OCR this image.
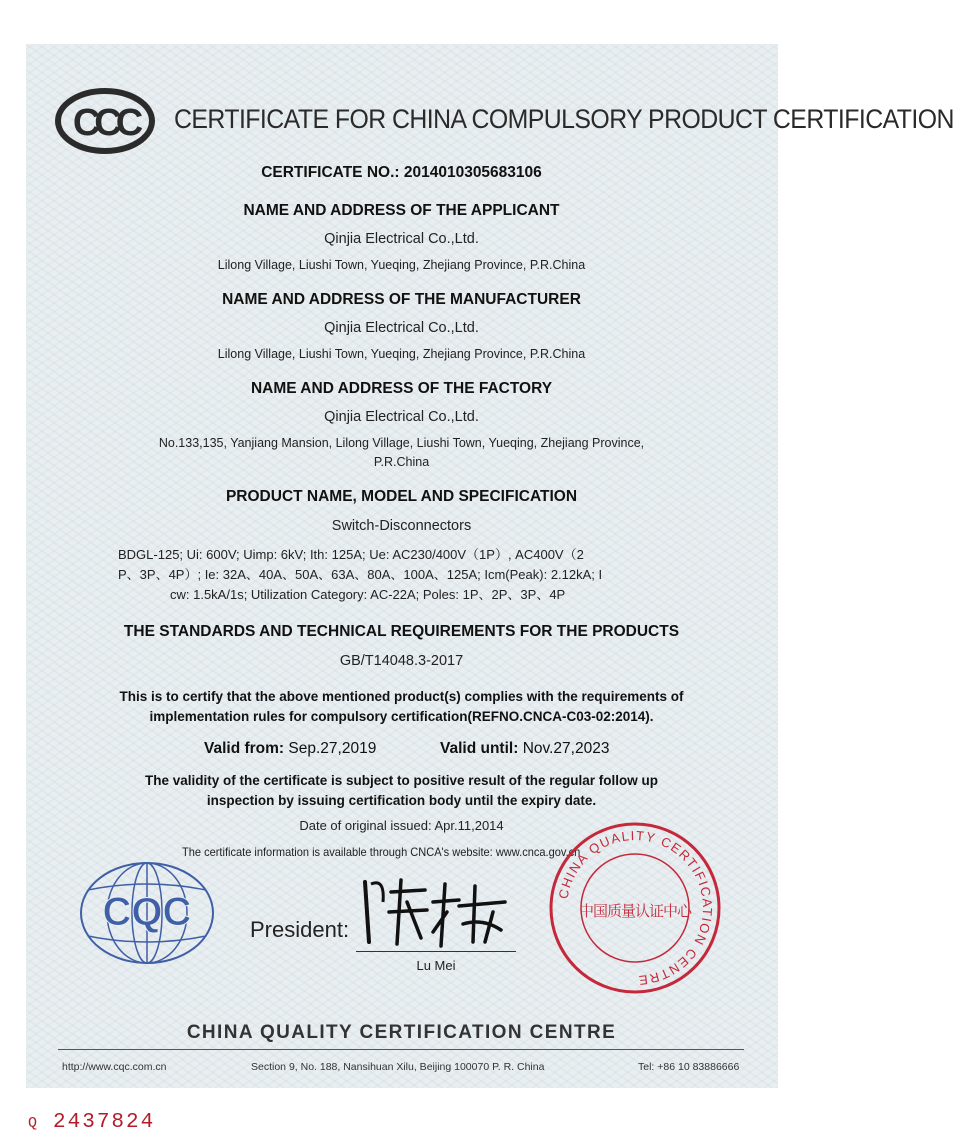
CCC CERTIFICATE FOR CHINA COMPULSORY PRODUCT CERTIFICATION
CERTIFICATE NO.: 2014010305683106
NAME AND ADDRESS OF THE APPLICANT
Qinjia Electrical Co.,Ltd.
Lilong Village, Liushi Town, Yueqing, Zhejiang Province, P.R.China
NAME AND ADDRESS OF THE MANUFACTURER
Qinjia Electrical Co.,Ltd.
Lilong Village, Liushi Town, Yueqing, Zhejiang Province, P.R.China
NAME AND ADDRESS OF THE FACTORY
Qinjia Electrical Co.,Ltd.
No.133,135, Yanjiang Mansion, Lilong Village, Liushi Town, Yueqing, Zhejiang Province,
P.R.China
PRODUCT NAME, MODEL AND SPECIFICATION
Switch-Disconnectors
BDGL-125; Ui: 600V; Uimp: 6kV; Ith: 125A; Ue: AC230/400V（1P）, AC400V（2
P、3P、4P）; Ie: 32A、40A、50A、63A、80A、100A、125A; Icm(Peak): 2.12kA; I
cw: 1.5kA/1s; Utilization Category: AC-22A; Poles: 1P、2P、3P、4P
THE STANDARDS AND TECHNICAL REQUIREMENTS FOR THE PRODUCTS
GB/T14048.3-2017
This is to certify that the above mentioned product(s) complies with the requirements of
implementation rules for compulsory certification(REFNO.CNCA-C03-02:2014).
Valid from: Sep.27,2019	Valid until: Nov.27,2023
The validity of the certificate is subject to positive result of the regular follow up
inspection by issuing certification body until the expiry date.
Date of original issued: Apr.11,2014
The certificate information is available through CNCA's website: www.cnca.gov.cn
CQC	President:
Lu Mei
CHINA QUALITY CERTIFICATION CENTRE
中国质量认证中心
CHINA QUALITY CERTIFICATION CENTRE
http://www.cqc.com.cn	Section 9, No. 188, Nansihuan Xilu, Beijing 100070 P. R. China	Tel: +86 10 83886666
Q 2437824
